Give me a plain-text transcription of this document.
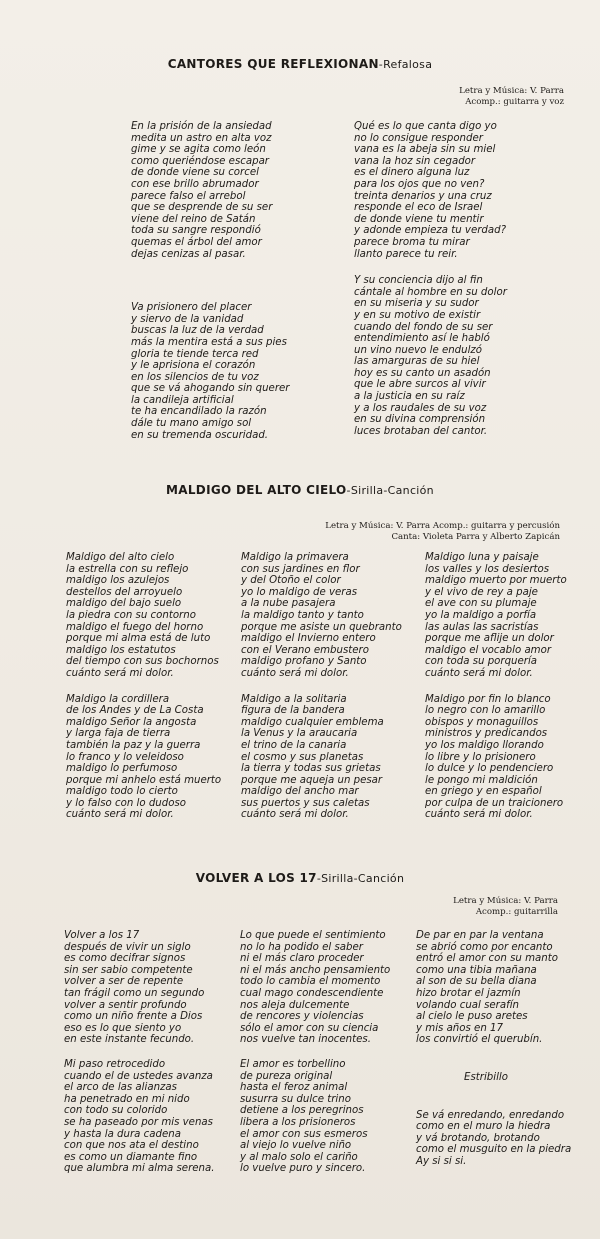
CANTORES QUE REFLEXIONAN-Refalosa
Letra y Música: V. Parra
Acomp.: guitarra y voz
En la prisión de la ansiedad
medita un astro en alta voz
gime y se agita como león
como queriéndose escapar
de donde viene su corcel
con ese brillo abrumador
parece falso el arrebol
que se desprende de su ser
viene del reino de Satán
toda su sangre respondió
quemas el árbol del amor
dejas cenizas al pasar.
Va prisionero del placer
y siervo de la vanidad
buscas la luz de la verdad
más la mentira está a sus pies
gloria te tiende terca red
y le aprisiona el corazón
en los silencios de tu voz
que se vá ahogando sin querer
la candileja artificial
te ha encandilado la razón
dále tu mano amigo sol
en su tremenda oscuridad.
Qué es lo que canta digo yo
no lo consigue responder
vana es la abeja sin su miel
vana la hoz sin cegador
es el dinero alguna luz
para los ojos que no ven?
treinta denarios y una cruz
responde el eco de Israel
de donde viene tu mentir
y adonde empieza tu verdad?
parece broma tu mirar
llanto parece tu reir.
Y su conciencia dijo al fin
cántale al hombre en su dolor
en su miseria y su sudor
y en su motivo de existir
cuando del fondo de su ser
entendimiento así le habló
un vino nuevo le endulzó
las amarguras de su hiel
hoy es su canto un asadón
que le abre surcos al vivir
a la justicia en su raíz
y a los raudales de su voz
en su divina comprensión
luces brotaban del cantor.
MALDIGO DEL ALTO CIELO-Sirilla-Canción
Letra y Música: V. Parra Acomp.: guitarra y percusión
Canta: Violeta Parra y Alberto Zapicán
Maldigo del alto cielo
la estrella con su reflejo
maldigo los azulejos
destellos del arroyuelo
maldigo del bajo suelo
la piedra con su contorno
maldigo el fuego del horno
porque mi alma está de luto
maldigo los estatutos
del tiempo con sus bochornos
cuánto será mi dolor.
Maldigo la cordillera
de los Andes y de La Costa
maldigo Señor la angosta
y larga faja de tierra
también la paz y la guerra
lo franco y lo veleidoso
maldigo lo perfumoso
porque mi anhelo está muerto
maldigo todo lo cierto
y lo falso con lo dudoso
cuánto será mi dolor.
Maldigo la primavera
con sus jardines en flor
y del Otoño el color
yo lo maldigo de veras
a la nube pasajera
la maldigo tanto y tanto
porque me asiste un quebranto
maldigo el Invierno entero
con el Verano embustero
maldigo profano y Santo
cuánto será mi dolor.
Maldigo a la solitaria
figura de la bandera
maldigo cualquier emblema
la Venus y la araucaria
el trino de la canaria
el cosmo y sus planetas
la tierra y todas sus grietas
porque me aqueja un pesar
maldigo del ancho mar
sus puertos y sus caletas
cuánto será mi dolor.
Maldigo luna y paisaje
los valles y los desiertos
maldigo muerto por muerto
y el vivo de rey a paje
el ave con su plumaje
yo la maldigo a porfía
las aulas las sacristías
porque me aflije un dolor
maldigo el vocablo amor
con toda su porquería
cuánto será mi dolor.
Maldigo por fin lo blanco
lo negro con lo amarillo
obispos y monaguillos
ministros y predicandos
yo los maldigo llorando
lo libre y lo prisionero
lo dulce y lo pendenciero
le pongo mi maldición
en griego y en español
por culpa de un traicionero
cuánto será mi dolor.
VOLVER A LOS 17-Sirilla-Canción
Letra y Música: V. Parra
Acomp.: guitarrilla
Volver a los 17
después de vivir un siglo
es como decifrar signos
sin ser sabio competente
volver a ser de repente
tan frágil como un segundo
volver a sentir profundo
como un niño frente a Dios
eso es lo que siento yo
en este instante fecundo.
Mi paso retrocedido
cuando el de ustedes avanza
el arco de las alianzas
ha penetrado en mi nido
con todo su colorido
se ha paseado por mis venas
y hasta la dura cadena
con que nos ata el destino
es como un diamante fino
que alumbra mi alma serena.
Lo que puede el sentimiento
no lo ha podido el saber
ni el más claro proceder
ni el más ancho pensamiento
todo lo cambia el momento
cual mago condescendiente
nos aleja dulcemente
de rencores y violencias
sólo el amor con su ciencia
nos vuelve tan inocentes.
El amor es torbellino
de pureza original
hasta el feroz animal
susurra su dulce trino
detiene a los peregrinos
libera a los prisioneros
el amor con sus esmeros
al viejo lo vuelve niño
y al malo solo el cariño
lo vuelve puro y sincero.
De par en par la ventana
se abrió como por encanto
entró el amor con su manto
como una tibia mañana
al son de su bella diana
hizo brotar el jazmín
volando cual serafín
al cielo le puso aretes
y mis años en 17
los convirtió el querubín.
Estribillo
Se vá enredando, enredando
como en el muro la hiedra
y vá brotando, brotando
como el musguito en la piedra
Ay si si si.
